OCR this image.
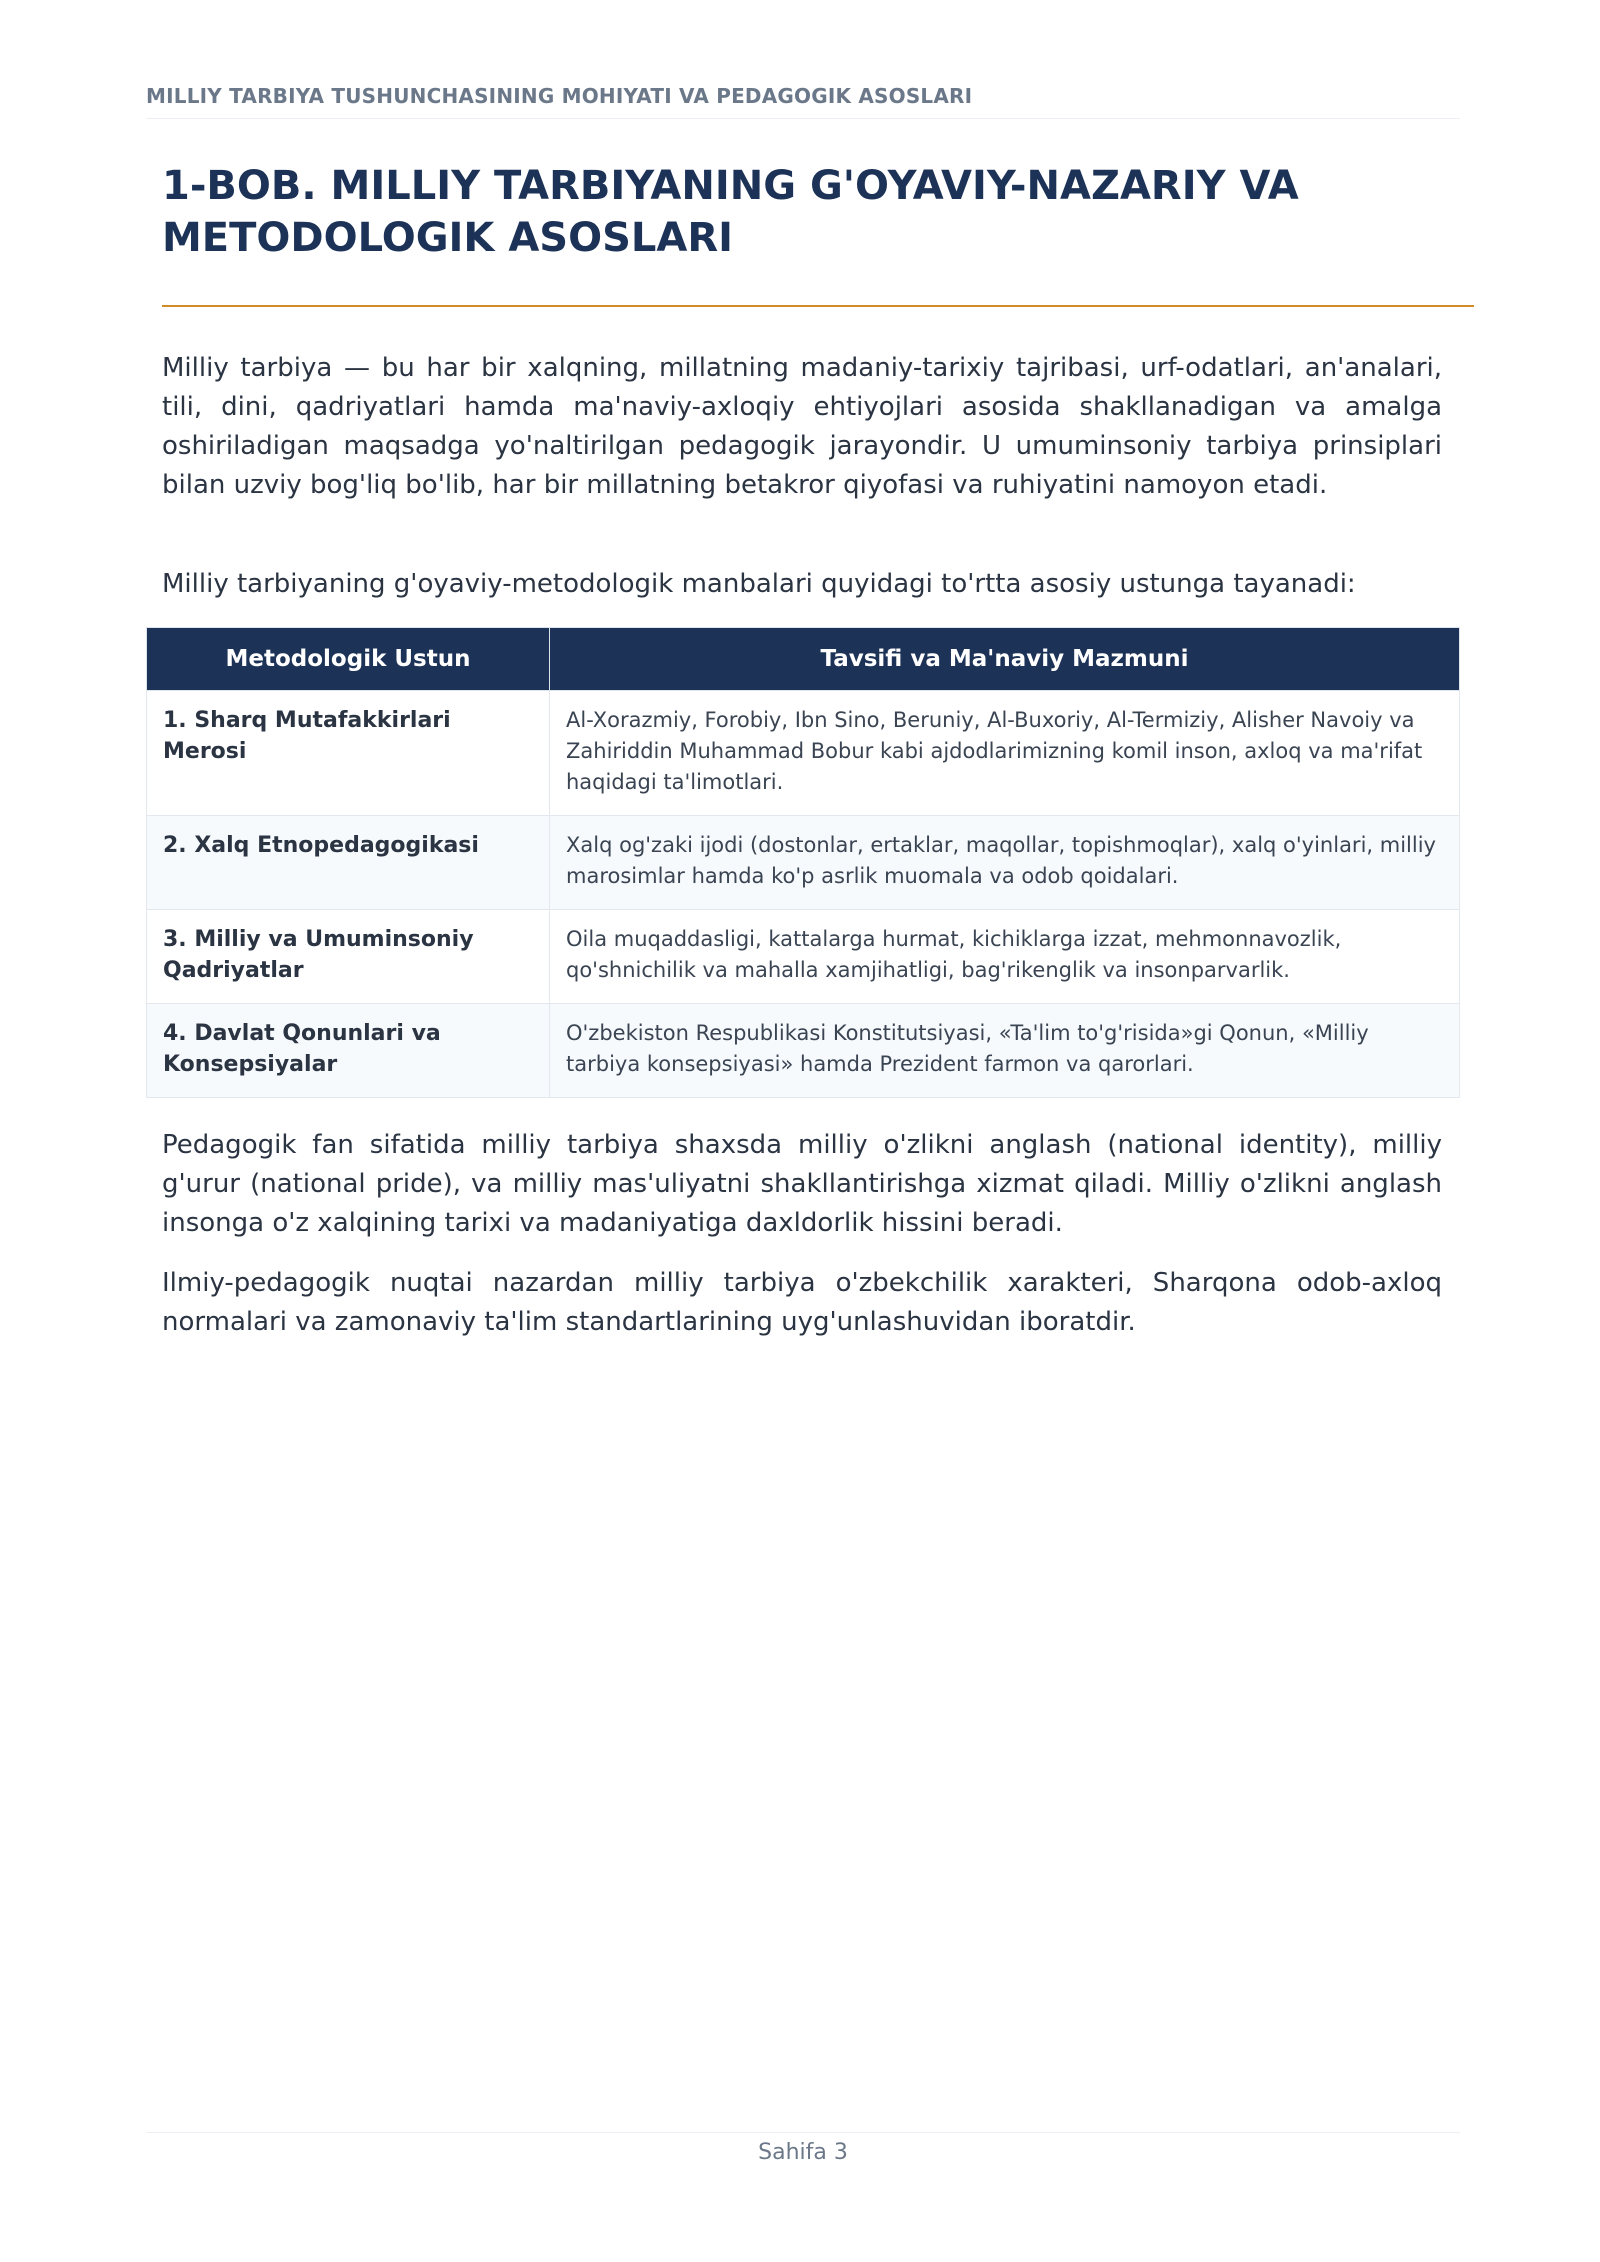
MILLIY TARBIYA TUSHUNCHASINING MOHIYATI VA PEDAGOGIK ASOSLARI
1-BOB. MILLIY TARBIYANING G'OYAVIY-NAZARIY VA METODOLOGIK ASOSLARI

Milliy tarbiya — bu har bir xalqning, millatning madaniy-tarixiy tajribasi, urf-odatlari, an'analari, tili, dini, qadriyatlari hamda ma'naviy-axloqiy ehtiyojlari asosida shakllanadigan va amalga oshiriladigan maqsadga yo'naltirilgan pedagogik jarayondir. U umuminsoniy tarbiya prinsiplari bilan uzviy bog'liq bo'lib, har bir millatning betakror qiyofasi va ruhiyatini namoyon etadi.

Milliy tarbiyaning g'oyaviy-metodologik manbalari quyidagi to'rtta asosiy ustunga tayanadi:

Metodologik Ustun	Tavsifi va Ma'naviy Mazmuni
1. Sharq Mutafakkirlari Merosi	Al-Xorazmiy, Forobiy, Ibn Sino, Beruniy, Al-Buxoriy, Al-Termiziy, Alisher Navoiy va Zahiriddin Muhammad Bobur kabi ajdodlarimizning komil inson, axloq va ma'rifat haqidagi ta'limotlari.
2. Xalq Etnopedagogikasi	Xalq og'zaki ijodi (dostonlar, ertaklar, maqollar, topishmoqlar), xalq o'yinlari, milliy marosimlar hamda ko'p asrlik muomala va odob qoidalari.
3. Milliy va Umuminsoniy Qadriyatlar	Oila muqaddasligi, kattalarga hurmat, kichiklarga izzat, mehmonnavozlik, qo'shnichilik va mahalla xamjihatligi, bag'rikenglik va insonparvarlik.
4. Davlat Qonunlari va Konsepsiyalar	O'zbekiston Respublikasi Konstitutsiyasi, «Ta'lim to'g'risida»gi Qonun, «Milliy tarbiya konsepsiyasi» hamda Prezident farmon va qarorlari.

Pedagogik fan sifatida milliy tarbiya shaxsda milliy o'zlikni anglash (national identity), milliy g'urur (national pride), va milliy mas'uliyatni shakllantirishga xizmat qiladi. Milliy o'zlikni anglash insonga o'z xalqining tarixi va madaniyatiga daxldorlik hissini beradi.

Ilmiy-pedagogik nuqtai nazardan milliy tarbiya o'zbekchilik xarakteri, Sharqona odob-axloq normalari va zamonaviy ta'lim standartlarining uyg'unlashuvidan iboratdir.

Sahifa 3
